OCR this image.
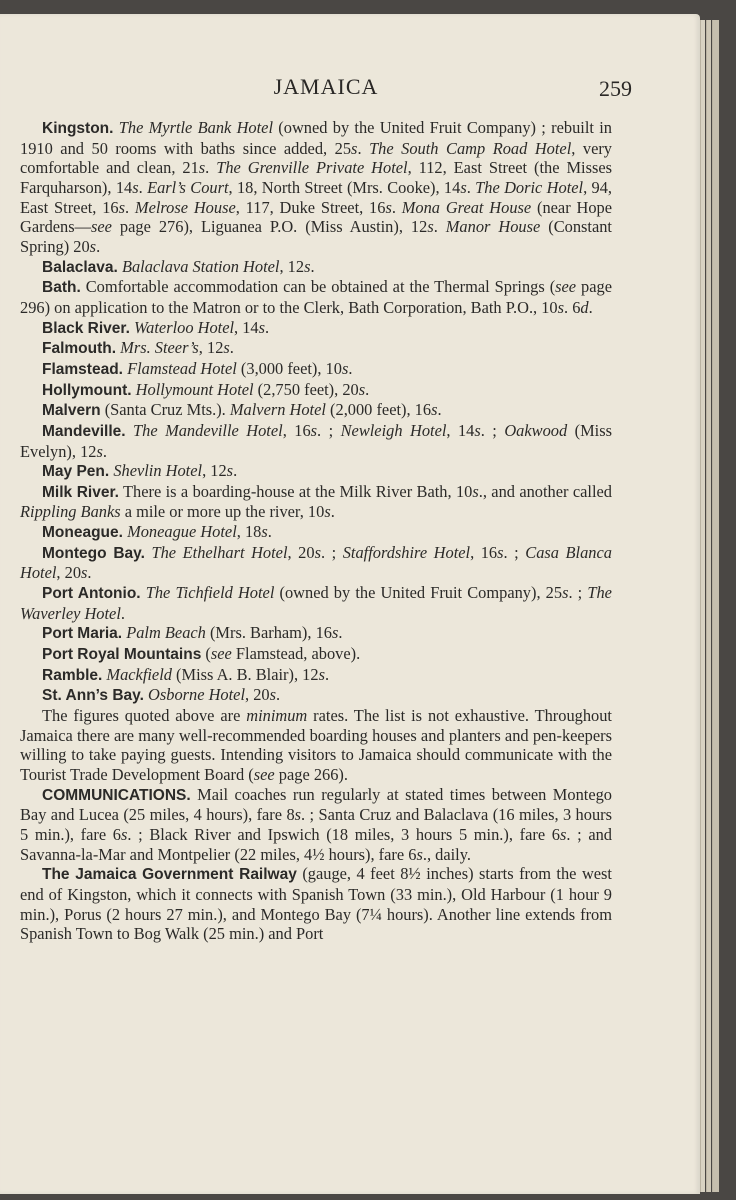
JAMAICA	259

Kingston. The Myrtle Bank Hotel (owned by the United Fruit Company) ; rebuilt in 1910 and 50 rooms with baths since added, 25s. The South Camp Road Hotel, very comfortable and clean, 21s. The Grenville Private Hotel, 112, East Street (the Misses Farquharson), 14s. Earl’s Court, 18, North Street (Mrs. Cooke), 14s. The Doric Hotel, 94, East Street, 16s. Melrose House, 117, Duke Street, 16s. Mona Great House (near Hope Gardens—see page 276), Liguanea P.O. (Miss Austin), 12s. Manor House (Constant Spring) 20s.

Balaclava. Balaclava Station Hotel, 12s.

Bath. Comfortable accommodation can be obtained at the Thermal Springs (see page 296) on application to the Matron or to the Clerk, Bath Corporation, Bath P.O., 10s. 6d.

Black River. Waterloo Hotel, 14s.

Falmouth. Mrs. Steer’s, 12s.

Flamstead. Flamstead Hotel (3,000 feet), 10s.

Hollymount. Hollymount Hotel (2,750 feet), 20s.

Malvern (Santa Cruz Mts.). Malvern Hotel (2,000 feet), 16s.

Mandeville. The Mandeville Hotel, 16s. ; Newleigh Hotel, 14s. ; Oakwood (Miss Evelyn), 12s.

May Pen. Shevlin Hotel, 12s.

Milk River. There is a boarding-house at the Milk River Bath, 10s., and another called Rippling Banks a mile or more up the river, 10s.

Moneague. Moneague Hotel, 18s.

Montego Bay. The Ethelhart Hotel, 20s. ; Staffordshire Hotel, 16s. ; Casa Blanca Hotel, 20s.

Port Antonio. The Tichfield Hotel (owned by the United Fruit Company), 25s. ; The Waverley Hotel.

Port Maria. Palm Beach (Mrs. Barham), 16s.

Port Royal Mountains (see Flamstead, above).

Ramble. Mackfield (Miss A. B. Blair), 12s.

St. Ann’s Bay. Osborne Hotel, 20s.

The figures quoted above are minimum rates. The list is not exhaustive. Throughout Jamaica there are many well-recommended boarding houses and planters and pen-keepers willing to take paying guests. Intending visitors to Jamaica should communicate with the Tourist Trade Development Board (see page 266).

COMMUNICATIONS. Mail coaches run regularly at stated times between Montego Bay and Lucea (25 miles, 4 hours), fare 8s. ; Santa Cruz and Balaclava (16 miles, 3 hours 5 min.), fare 6s. ; Black River and Ipswich (18 miles, 3 hours 5 min.), fare 6s. ; and Savanna-la-Mar and Montpelier (22 miles, 4½ hours), fare 6s., daily.

The Jamaica Government Railway (gauge, 4 feet 8½ inches) starts from the west end of Kingston, which it connects with Spanish Town (33 min.), Old Harbour (1 hour 9 min.), Porus (2 hours 27 min.), and Montego Bay (7¼ hours). Another line extends from Spanish Town to Bog Walk (25 min.) and Port
